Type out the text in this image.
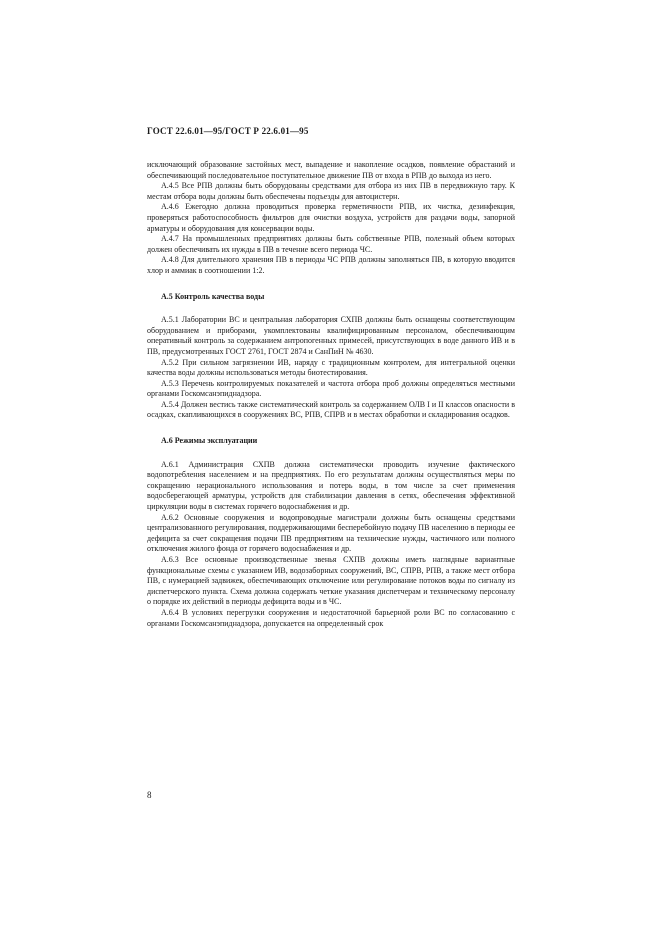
ГОСТ 22.6.01—95/ГОСТ Р 22.6.01—95

исключающий образование застойных мест, выпадение и накопление осадков, появление обрастаний и обеспечивающий последовательное поступательное движение ПВ от входа в РПВ до выхода из него.

А.4.5 Все РПВ должны быть оборудованы средствами для отбора из них ПВ в передвижную тару. К местам отбора воды должны быть обеспечены подъезды для автоцистерн.

А.4.6 Ежегодно должна проводиться проверка герметичности РПВ, их чистка, дезинфекция, проверяться работоспособность фильтров для очистки воздуха, устройств для раздачи воды, запорной арматуры и оборудования для консервации воды.

А.4.7 На промышленных предприятиях должны быть собственные РПВ, полезный объем которых должен обеспечивать их нужды в ПВ в течение всего периода ЧС.

А.4.8 Для длительного хранения ПВ в периоды ЧС РПВ должны заполняться ПВ, в которую вводится хлор и аммиак в соотношении 1:2.

А.5 Контроль качества воды

А.5.1 Лаборатории ВС и центральная лаборатория СХПВ должны быть оснащены соответствующим оборудованием и приборами, укомплектованы квалифицированным персоналом, обеспечивающим оперативный контроль за содержанием антропогенных примесей, присутствующих в воде данного ИВ и в ПВ, предусмотренных ГОСТ 2761, ГОСТ 2874 и СанПиН № 4630.

А.5.2 При сильном загрязнении ИВ, наряду с традиционным контролем, для интегральной оценки качества воды должны использоваться методы биотестирования.

А.5.3 Перечень контролируемых показателей и частота отбора проб должны определяться местными органами Госкомсанэпиднадзора.

А.5.4 Должен вестись также систематический контроль за содержанием ОЛВ I и II классов опасности в осадках, скапливающихся в сооружениях ВС, РПВ, СПРВ и в местах обработки и складирования осадков.

А.6 Режимы эксплуатации

А.6.1 Администрация СХПВ должна систематически проводить изучение фактического водопотребления населением и на предприятиях. По его результатам должны осуществляться меры по сокращению нерационального использования и потерь воды, в том числе за счет применения водосберегающей арматуры, устройств для стабилизации давления в сетях, обеспечения эффективной циркуляции воды в системах горячего водоснабжения и др.

А.6.2 Основные сооружения и водопроводные магистрали должны быть оснащены средствами централизованного регулирования, поддерживающими бесперебойную подачу ПВ населению в периоды ее дефицита за счет сокращения подачи ПВ предприятиям на технические нужды, частичного или полного отключения жилого фонда от горячего водоснабжения и др.

А.6.3 Все основные производственные звенья СХПВ должны иметь наглядные вариантные функциональные схемы с указанием ИВ, водозаборных сооружений, ВС, СПРВ, РПВ, а также мест отбора ПВ, с нумерацией задвижек, обеспечивающих отключение или регулирование потоков воды по сигналу из диспетчерского пункта. Схема должна содержать четкие указания диспетчерам и техническому персоналу о порядке их действий в периоды дефицита воды и в ЧС.

А.6.4 В условиях перегрузки сооружения и недостаточной барьерной роли ВС по согласованию с органами Госкомсанэпиднадзора, допускается на определенный срок

8
